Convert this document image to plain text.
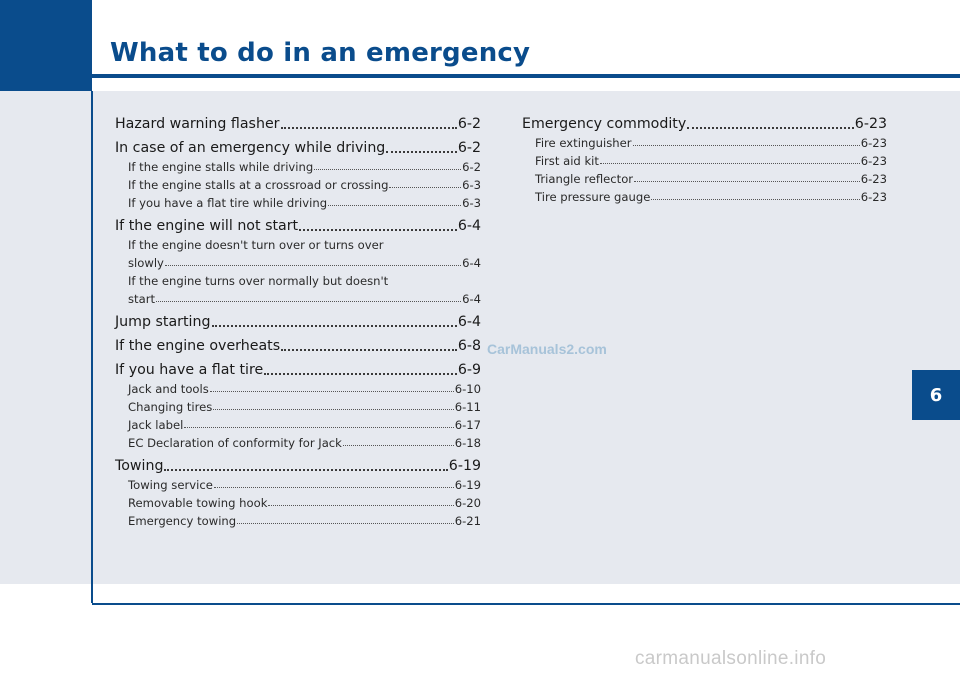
What to do in an emergency
6
Hazard warning flasher	6-2
In case of an emergency while driving	6-2
If the engine stalls while driving	6-2
If the engine stalls at a crossroad or crossing	6-3
If you have a flat tire while driving	6-3
If the engine will not start	6-4
If the engine doesn't turn over or turns over
slowly	6-4
If the engine turns over normally but doesn't
start	6-4
Jump starting	6-4
If the engine overheats	6-8
If you have a flat tire	6-9
Jack and tools	6-10
Changing tires	6-11
Jack label	6-17
EC Declaration of conformity for Jack	6-18
Towing	6-19
Towing service	6-19
Removable towing hook	6-20
Emergency towing	6-21
Emergency commodity	6-23
Fire extinguisher	6-23
First aid kit	6-23
Triangle reflector	6-23
Tire pressure gauge	6-23
CarManuals2.com
carmanualsonline.info
